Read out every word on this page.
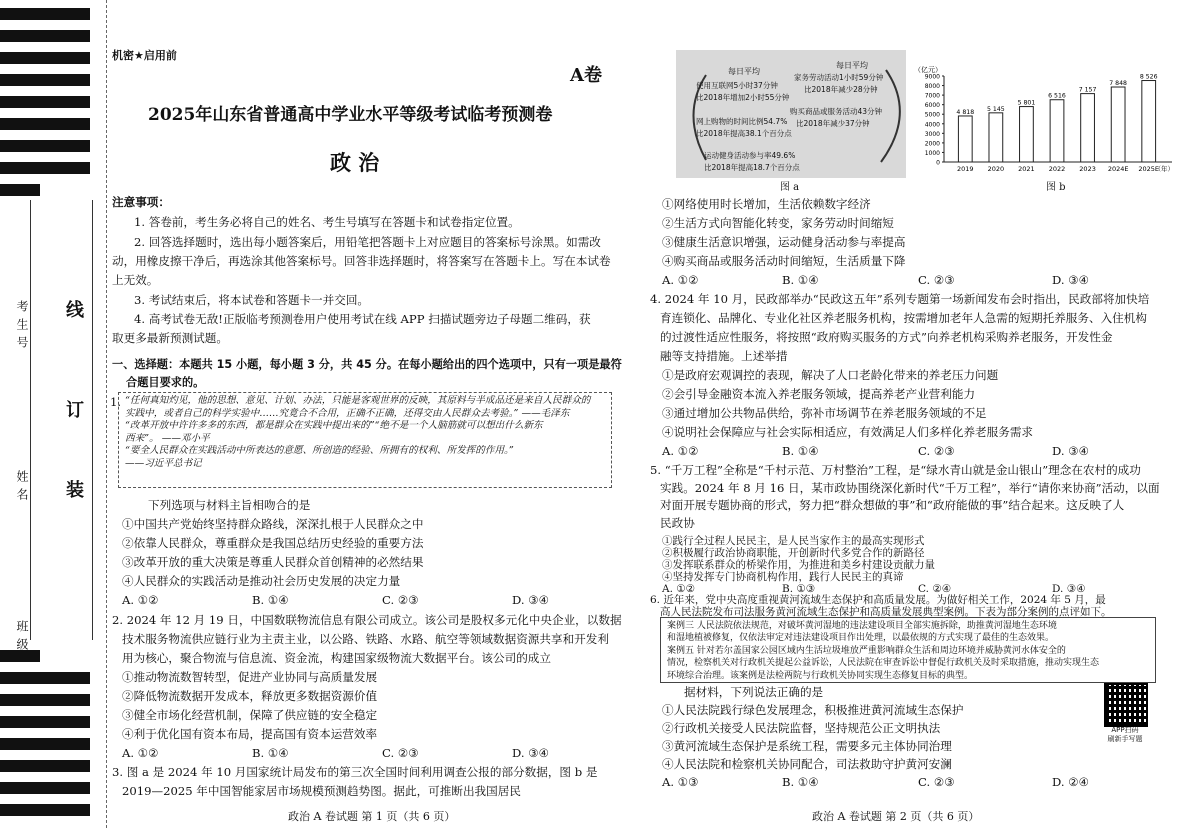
考生号
姓名
班级
线
订
装
机密★启用前
A卷
2025年山东省普通高中学业水平等级考试临考预测卷
政 治
注意事项：
1. 答卷前，考生务必将自己的姓名、考生号填写在答题卡和试卷指定位置。
2. 回答选择题时，选出每小题答案后，用铅笔把答题卡上对应题目的答案标号涂黑。如需改
动，用橡皮擦干净后，再选涂其他答案标号。回答非选择题时，将答案写在答题卡上。写在本试卷
上无效。
3. 考试结束后，将本试卷和答题卡一并交回。
4. 高考试卷无敌!正版临考预测卷用户使用考试在线 APP 扫描试题旁边子母题二维码，获
取更多最新预测试题。
一、选择题：本题共 15 小题，每小题 3 分，共 45 分。在每小题给出的四个选项中，只有一项是最符
合题目要求的。
1. “任何真知灼见，他的思想、意见、计划、办法，只能是客观世界的反映，其原料与半成品还是来自人民群众的
实践中，或者自己的科学实验中……究竟合不合用，正确不正确，还得交由人民群众去考验。” ——毛泽东
“改革开放中许许多多的东西，都是群众在实践中提出来的”“绝不是一个人脑筋就可以想出什么新东
西来”。 ——邓小平
“要全人民群众在实践活动中所表达的意愿、所创造的经验、所拥有的权利、所发挥的作用。”
——习近平总书记
下列选项与材料主旨相吻合的是
①中国共产党始终坚持群众路线，深深扎根于人民群众之中
②依靠人民群众，尊重群众是我国总结历史经验的重要方法
③改革开放的重大决策是尊重人民群众首创精神的必然结果
④人民群众的实践活动是推动社会历史发展的决定力量
A. ①②	B. ①④	C. ②③	D. ③④
2. 2024 年 12 月 19 日，中国数联物流信息有限公司成立。该公司是股权多元化中央企业，以数据
技术服务物流供应链行业为主责主业，以公路、铁路、水路、航空等领域数据资源共享和开发利
用为核心，聚合物流与信息流、资金流，构建国家级物流大数据平台。该公司的成立
①推动物流数智转型，促进产业协同与高质量发展
②降低物流数据开发成本，释放更多数据资源价值
③健全市场化经营机制，保障了供应链的安全稳定
④利于优化国有资本布局，提高国有资本运营效率
A. ①②	B. ①④	C. ②③	D. ③④
3. 图 a 是 2024 年 10 月国家统计局发布的第三次全国时间利用调查公报的部分数据，图 b 是
2019—2025 年中国智能家居市场规模预测趋势图。据此，可推断出我国居民
政治 A 卷试题 第 1 页（共 6 页）
每日平均
使用互联网5小时37分钟
比2018年增加2小时55分钟
网上购物的时间比例54.7%
比2018年提高38.1个百分点
运动健身活动参与率49.6%
比2018年提高18.7个百分点
每日平均
家务劳动活动1小时59分钟
比2018年减少28分钟
购买商品或服务活动43分钟
比2018年减少37分钟
图 a
（亿元）
0
1000
2000
3000
4000
5000
6000
7000
8000
9000
4 818
2019
5 145
2020
5 801
2021
6 516
2022
7 157
2023
7 848
2024E
8 526
2025E
（年）
图 b
①网络使用时长增加，生活依赖数字经济
②生活方式向智能化转变，家务劳动时间缩短
③健康生活意识增强，运动健身活动参与率提高
④购买商品或服务活动时间缩短，生活质量下降
A. ①②	B. ①④	C. ②③	D. ③④
4. 2024 年 10 月，民政部举办“民政这五年”系列专题第一场新闻发布会时指出，民政部将加快培
育连锁化、品牌化、专业化社区养老服务机构，按需增加老年人急需的短期托养服务、入住机构
的过渡性适应性服务，将按照“政府购买服务的方式”向养老机构采购养老服务，开发性金
融等支持措施。上述举措
①是政府宏观调控的表现，解决了人口老龄化带来的养老压力问题
②会引导金融资本流入养老服务领域，提高养老产业营利能力
③通过增加公共物品供给，弥补市场调节在养老服务领域的不足
④说明社会保障应与社会实际相适应，有效满足人们多样化养老服务需求
A. ①②	B. ①④	C. ②③	D. ③④
5. “千万工程”全称是“千村示范、万村整治”工程，是“绿水青山就是金山银山”理念在农村的成功
实践。2024 年 8 月 16 日，某市政协围绕深化新时代“千万工程”，举行“请你来协商”活动，以面
对面开展专题协商的形式，努力把“群众想做的事”和“政府能做的事”结合起来。这反映了人
民政协
案例三 人民法院依法规范，对破坏黄河湿地的违法建设项目全部实施拆除，助推黄河湿地生态环境
和湿地植被修复，仅依法审定对违法建设项目作出处理，以最依规的方式实现了最佳的生态效果。
案例五 针对若尔盖国家公园区域内生活垃圾堆放严重影响群众生活和周边环境并威胁黄河水体安全的
情况，检察机关对行政机关提起公益诉讼，人民法院在审查诉讼中督促行政机关及时采取措施，推动实现生态
环境综合治理。该案例是法检两院与行政机关协同实现生态修复目标的典型。
据材料，下列说法正确的是
①人民法院践行绿色发展理念，积极推进黄河流域生态保护
②行政机关接受人民法院监督，坚持规范公正文明执法
③黄河流域生态保护是系统工程，需要多元主体协同治理
④人民法院和检察机关协同配合，司法救助守护黄河安澜
A. ①③	B. ①④	C. ②③	D. ②④
APP扫码
刷新手写题
政治 A 卷试题 第 2 页（共 6 页）
①践行全过程人民民主，是人民当家作主的最高实现形式
②积极履行政治协商职能，开创新时代多党合作的新路径
③发挥联系群众的桥梁作用，为推进和美乡村建设贡献力量
④坚持发挥专门协商机构作用，践行人民民主的真谛
A. ①②	B. ①③	C. ②④	D. ③④
6. 近年来，党中央高度重视黄河流域生态保护和高质量发展。为做好相关工作，2024 年 5 月，最
高人民法院发布司法服务黄河流域生态保护和高质量发展典型案例。下表为部分案例的点评如下。
